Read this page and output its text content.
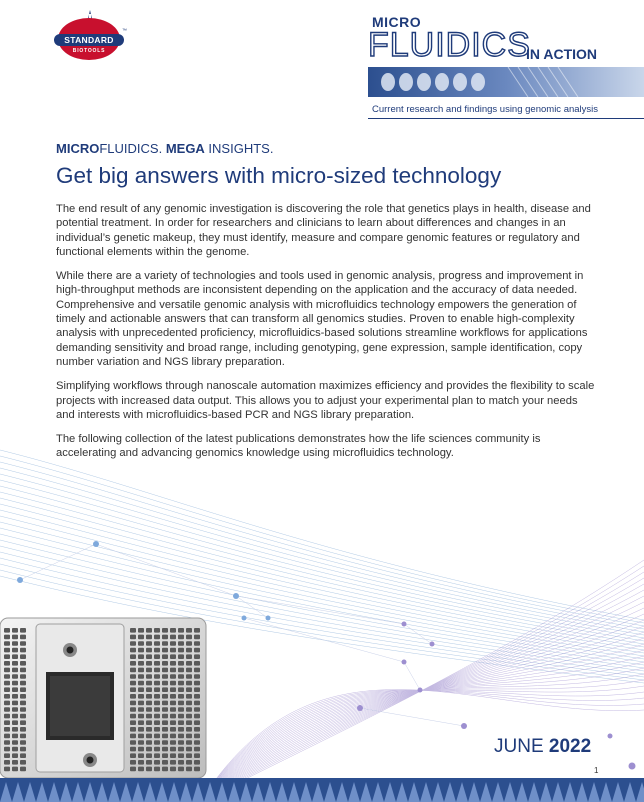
STANDARD
BIOTOOLS
™
MICRO
FLUIDICS
IN ACTION
Current research and findings using genomic analysis
MICROFLUIDICS. MEGA INSIGHTS.
Get big answers with micro-sized technology

The end result of any genomic investigation is discovering the role that genetics plays in health, disease and potential treatment. In order for researchers and clinicians to learn about differences and changes in an individual’s genetic makeup, they must identify, measure and compare genomic features or regulatory and functional elements within the genome.

While there are a variety of technologies and tools used in genomic analysis, progress and improvement in high-throughput methods are inconsistent depending on the application and the accuracy of data needed. Comprehensive and versatile genomic analysis with microfluidics technology empowers the generation of timely and actionable answers that can transform all genomics studies. Proven to enable high-complexity analysis with unprecedented proficiency, microfluidics-based solutions streamline workflows for applications demanding sensitivity and broad range, including genotyping, gene expression, sample identification, copy number variation and NGS library preparation.

Simplifying workflows through nanoscale automation maximizes efficiency and provides the flexibility to scale projects with increased data output. This allows you to adjust your experimental plan to match your needs and interests with microfluidics-based PCR and NGS library preparation.

The following collection of the latest publications demonstrates how the life sciences community is accelerating and advancing genomics knowledge using microfluidics technology.

JUNE 2022
1
